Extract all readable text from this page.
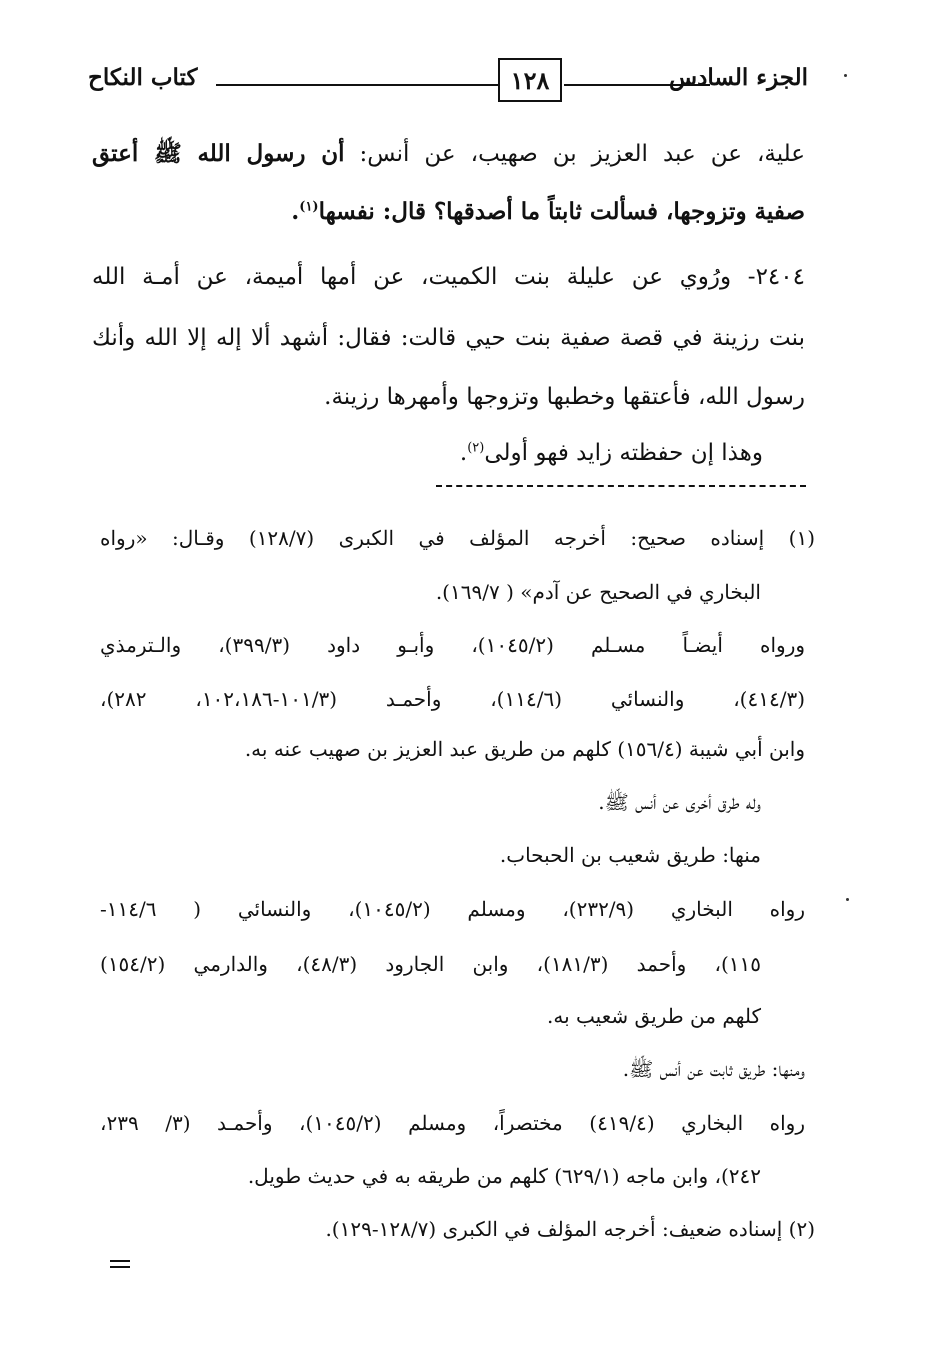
كتاب النكاح	١٢٨	الجزء السادس
علية، عن عبد العزيز بن صهيب، عن أنس: أن رسول الله ﷺ أعتق
صفية وتزوجها، فسألت ثابتاً ما أصدقها؟ قال: نفسها$^{(١)}$.
٢٤٠٤- ورُوي عن عليلة بنت الكميت، عن أمها أميمة، عن أمـة الله
بنت رزينة في قصة صفية بنت حيي قالت: فقال: أشهد ألا إله إلا الله وأنك
رسول الله، فأعتقها وخطبها وتزوجها وأمهرها رزينة.
وهذا إن حفظته زايد فهو أولى$^{(٢)}$.
(١) إسناده صحيح: أخرجه المؤلف في الكبرى (١٢٨/٧) وقـال: «رواه
البخاري في الصحيح عن آدم» ( ١٦٩/٧).
ورواه أيضـاً مسـلم (١٠٤٥/٢)، وأبـو داود (٣٩٩/٣)، والـترمذي
(٤١٤/٣)، والنسائي (١١٤/٦)، وأحمـد (١٠١/٣-١٠٢،١٨٦، ٢٨٢)،
وابن أبي شيبة (١٥٦/٤) كلهم من طريق عبد العزيز بن صهيب عنه به.
وله طرق أخرى عن أنس ﷺ.
منها: طريق شعيب بن الحبحاب.
رواه البخاري (٢٣٢/٩)، ومسلم (١٠٤٥/٢)، والنسائي ( ١١٤/٦-
١١٥)، وأحمد (١٨١/٣)، وابن الجارود (٤٨/٣)، والدارمي (١٥٤/٢)
كلهم من طريق شعيب به.
ومنها: طريق ثابت عن أنس ﷺ.
رواه البخاري (٤١٩/٤) مختصراً، ومسلم (١٠٤٥/٢)، وأحمـد (٣/ ٢٣٩،
٢٤٢)، وابن ماجه (٦٢٩/١) كلهم من طريقه به في حديث طويل.
(٢) إسناده ضعيف: أخرجه المؤلف في الكبرى (١٢٨/٧-١٢٩).
